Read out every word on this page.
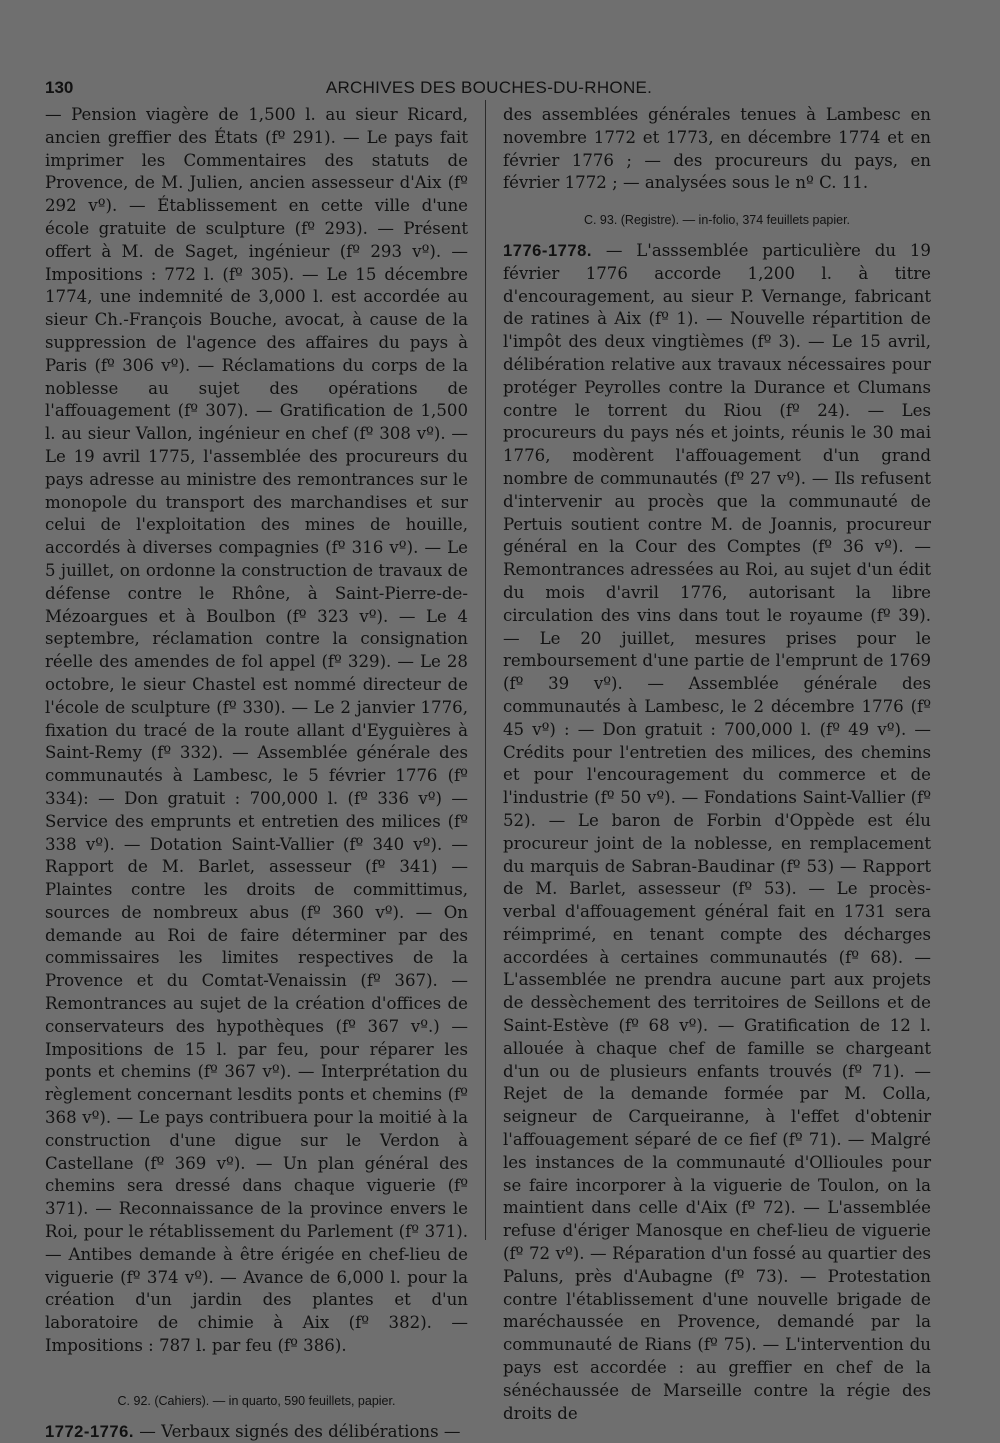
130	ARCHIVES DES BOUCHES-DU-RHONE.

— Pension viagère de 1,500 l. au sieur Ricard, ancien greffier des États (fº 291). — Le pays fait imprimer les Commentaires des statuts de Provence, de M. Julien, ancien assesseur d'Aix (fº 292 vº). — Établissement en cette ville d'une école gratuite de sculpture (fº 293). — Présent offert à M. de Saget, ingénieur (fº 293 vº). — Impositions : 772 l. (fº 305). — Le 15 décembre 1774, une indemnité de 3,000 l. est accordée au sieur Ch.-François Bouche, avocat, à cause de la suppression de l'agence des affaires du pays à Paris (fº 306 vº). — Réclamations du corps de la noblesse au sujet des opérations de l'affouagement (fº 307). — Gratification de 1,500 l. au sieur Vallon, ingénieur en chef (fº 308 vº). — Le 19 avril 1775, l'assemblée des procureurs du pays adresse au ministre des remontrances sur le monopole du transport des marchandises et sur celui de l'exploitation des mines de houille, accordés à diverses compagnies (fº 316 vº). — Le 5 juillet, on ordonne la construction de travaux de défense contre le Rhône, à Saint-Pierre-de-Mézoargues et à Boulbon (fº 323 vº). — Le 4 septembre, réclamation contre la consignation réelle des amendes de fol appel (fº 329). — Le 28 octobre, le sieur Chastel est nommé directeur de l'école de sculpture (fº 330). — Le 2 janvier 1776, fixation du tracé de la route allant d'Eyguières à Saint-Remy (fº 332). — Assemblée générale des communautés à Lambesc, le 5 février 1776 (fº 334): — Don gratuit : 700,000 l. (fº 336 vº) — Service des emprunts et entretien des milices (fº 338 vº). — Dotation Saint-Vallier (fº 340 vº). — Rapport de M. Barlet, assesseur (fº 341) — Plaintes contre les droits de committimus, sources de nombreux abus (fº 360 vº). — On demande au Roi de faire déterminer par des commissaires les limites respectives de la Provence et du Comtat-Venaissin (fº 367). — Remontrances au sujet de la création d'offices de conservateurs des hypothèques (fº 367 vº.) — Impositions de 15 l. par feu, pour réparer les ponts et chemins (fº 367 vº). — Interprétation du règlement concernant lesdits ponts et chemins (fº 368 vº). — Le pays contribuera pour la moitié à la construction d'une digue sur le Verdon à Castellane (fº 369 vº). — Un plan général des chemins sera dressé dans chaque viguerie (fº 371). — Reconnaissance de la province envers le Roi, pour le rétablissement du Parlement (fº 371). — Antibes demande à être érigée en chef-lieu de viguerie (fº 374 vº). — Avance de 6,000 l. pour la création d'un jardin des plantes et d'un laboratoire de chimie à Aix (fº 382). — Impositions : 787 l. par feu (fº 386).

C. 92. (Cahiers). — in quarto, 590 feuillets, papier.

1772-1776. — Verbaux signés des délibérations —

des assemblées générales tenues à Lambesc en novembre 1772 et 1773, en décembre 1774 et en février 1776 ; — des procureurs du pays, en février 1772 ; — analysées sous le nº C. 11.

C. 93. (Registre). — in-folio, 374 feuillets papier.

1776-1778. — L'asssemblée particulière du 19 février 1776 accorde 1,200 l. à titre d'encouragement, au sieur P. Vernange, fabricant de ratines à Aix (fº 1). — Nouvelle répartition de l'impôt des deux vingtièmes (fº 3). — Le 15 avril, délibération relative aux travaux nécessaires pour protéger Peyrolles contre la Durance et Clumans contre le torrent du Riou (fº 24). — Les procureurs du pays nés et joints, réunis le 30 mai 1776, modèrent l'affouagement d'un grand nombre de communautés (fº 27 vº). — Ils refusent d'intervenir au procès que la communauté de Pertuis soutient contre M. de Joannis, procureur général en la Cour des Comptes (fº 36 vº). — Remontrances adressées au Roi, au sujet d'un édit du mois d'avril 1776, autorisant la libre circulation des vins dans tout le royaume (fº 39). — Le 20 juillet, mesures prises pour le remboursement d'une partie de l'emprunt de 1769 (fº 39 vº). — Assemblée générale des communautés à Lambesc, le 2 décembre 1776 (fº 45 vº) : — Don gratuit : 700,000 l. (fº 49 vº). — Crédits pour l'entretien des milices, des chemins et pour l'encouragement du commerce et de l'industrie (fº 50 vº). — Fondations Saint-Vallier (fº 52). — Le baron de Forbin d'Oppède est élu procureur joint de la noblesse, en remplacement du marquis de Sabran-Baudinar (fº 53) — Rapport de M. Barlet, assesseur (fº 53). — Le procès-verbal d'affouagement général fait en 1731 sera réimprimé, en tenant compte des décharges accordées à certaines communautés (fº 68). — L'assemblée ne prendra aucune part aux projets de dessèchement des territoires de Seillons et de Saint-Estève (fº 68 vº). — Gratification de 12 l. allouée à chaque chef de famille se chargeant d'un ou de plusieurs enfants trouvés (fº 71). — Rejet de la demande formée par M. Colla, seigneur de Carqueiranne, à l'effet d'obtenir l'affouagement séparé de ce fief (fº 71). — Malgré les instances de la communauté d'Ollioules pour se faire incorporer à la viguerie de Toulon, on la maintient dans celle d'Aix (fº 72). — L'assemblée refuse d'ériger Manosque en chef-lieu de viguerie (fº 72 vº). — Réparation d'un fossé au quartier des Paluns, près d'Aubagne (fº 73). — Protestation contre l'établissement d'une nouvelle brigade de maréchaussée en Provence, demandé par la communauté de Rians (fº 75). — L'intervention du pays est accordée : au greffier en chef de la sénéchaussée de Marseille contre la régie des droits de
